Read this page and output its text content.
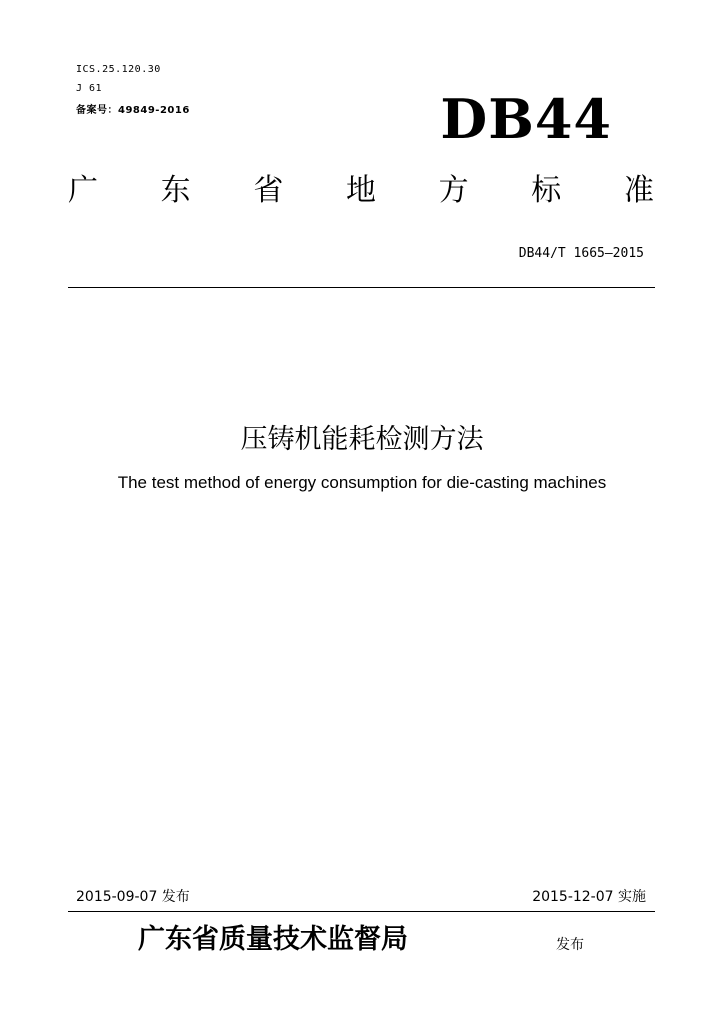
ICS.25.120.30
J 61
备案号：49849-2016	DB44
广 东 省 地 方 标 准
DB44/T 1665—2015
压铸机能耗检测方法
The test method of energy consumption for die-casting machines
2015-09-07 发布	2015-12-07 实施
广东省质量技术监督局	发布
